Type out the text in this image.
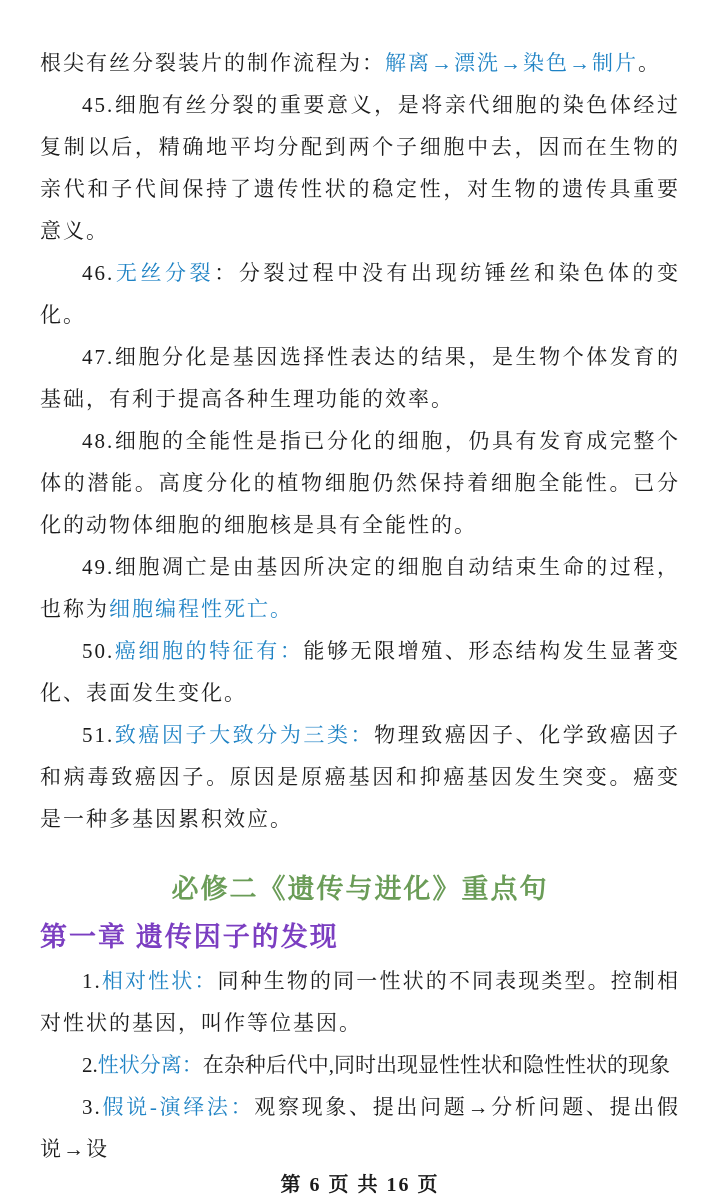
根尖有丝分裂装片的制作流程为：解离→漂洗→染色→制片。

45.细胞有丝分裂的重要意义，是将亲代细胞的染色体经过复制以后，精确地平均分配到两个子细胞中去，因而在生物的亲代和子代间保持了遗传性状的稳定性，对生物的遗传具重要意义。

46.无丝分裂：分裂过程中没有出现纺锤丝和染色体的变化。

47.细胞分化是基因选择性表达的结果，是生物个体发育的基础，有利于提高各种生理功能的效率。

48.细胞的全能性是指已分化的细胞，仍具有发育成完整个体的潜能。高度分化的植物细胞仍然保持着细胞全能性。已分化的动物体细胞的细胞核是具有全能性的。

49.细胞凋亡是由基因所决定的细胞自动结束生命的过程，也称为细胞编程性死亡。

50.癌细胞的特征有：能够无限增殖、形态结构发生显著变化、表面发生变化。

51.致癌因子大致分为三类：物理致癌因子、化学致癌因子和病毒致癌因子。原因是原癌基因和抑癌基因发生突变。癌变是一种多基因累积效应。

必修二《遗传与进化》重点句
第一章 遗传因子的发现

1.相对性状：同种生物的同一性状的不同表现类型。控制相对性状的基因，叫作等位基因。

2.性状分离：在杂种后代中,同时出现显性性状和隐性性状的现象

3.假说-演绎法：观察现象、提出问题→分析问题、提出假说→设

第 6 页 共 16 页
